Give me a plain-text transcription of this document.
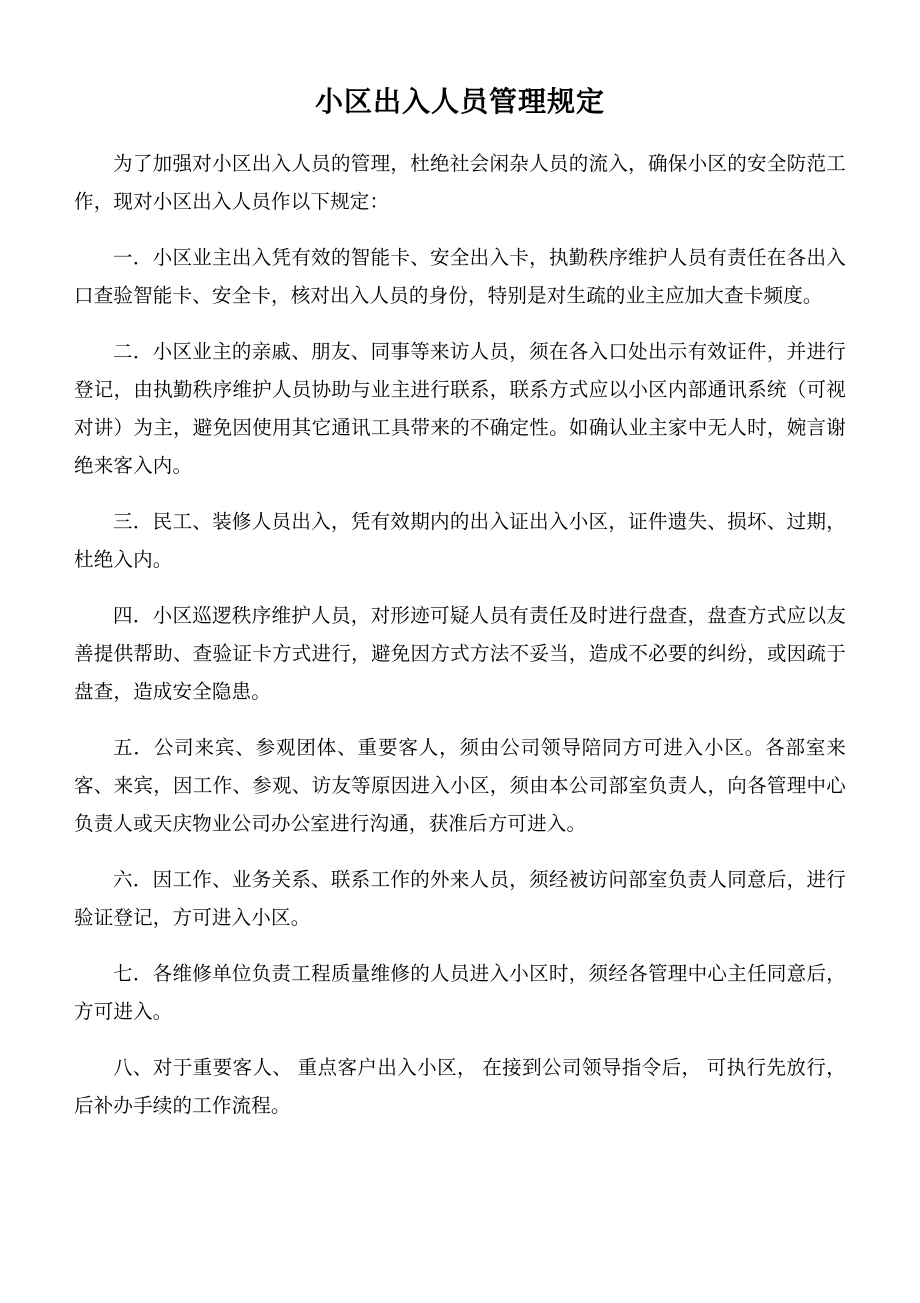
小区出入人员管理规定

为了加强对小区出入人员的管理，杜绝社会闲杂人员的流入，确保小区的安全防范工作，现对小区出入人员作以下规定：

一．小区业主出入凭有效的智能卡、安全出入卡，执勤秩序维护人员有责任在各出入口查验智能卡、安全卡，核对出入人员的身份，特别是对生疏的业主应加大查卡频度。

二．小区业主的亲戚、朋友、同事等来访人员，须在各入口处出示有效证件，并进行登记，由执勤秩序维护人员协助与业主进行联系，联系方式应以小区内部通讯系统（可视对讲）为主，避免因使用其它通讯工具带来的不确定性。如确认业主家中无人时，婉言谢绝来客入内。

三．民工、装修人员出入，凭有效期内的出入证出入小区，证件遗失、损坏、过期，杜绝入内。

四．小区巡逻秩序维护人员，对形迹可疑人员有责任及时进行盘查，盘查方式应以友善提供帮助、查验证卡方式进行，避免因方式方法不妥当，造成不必要的纠纷，或因疏于盘查，造成安全隐患。

五．公司来宾、参观团体、重要客人，须由公司领导陪同方可进入小区。各部室来客、来宾，因工作、参观、访友等原因进入小区，须由本公司部室负责人，向各管理中心负责人或天庆物业公司办公室进行沟通，获准后方可进入。

六．因工作、业务关系、联系工作的外来人员，须经被访问部室负责人同意后，进行验证登记，方可进入小区。

七．各维修单位负责工程质量维修的人员进入小区时，须经各管理中心主任同意后，方可进入。

八、对于重要客人、 重点客户出入小区， 在接到公司领导指令后， 可执行先放行，后补办手续的工作流程。
